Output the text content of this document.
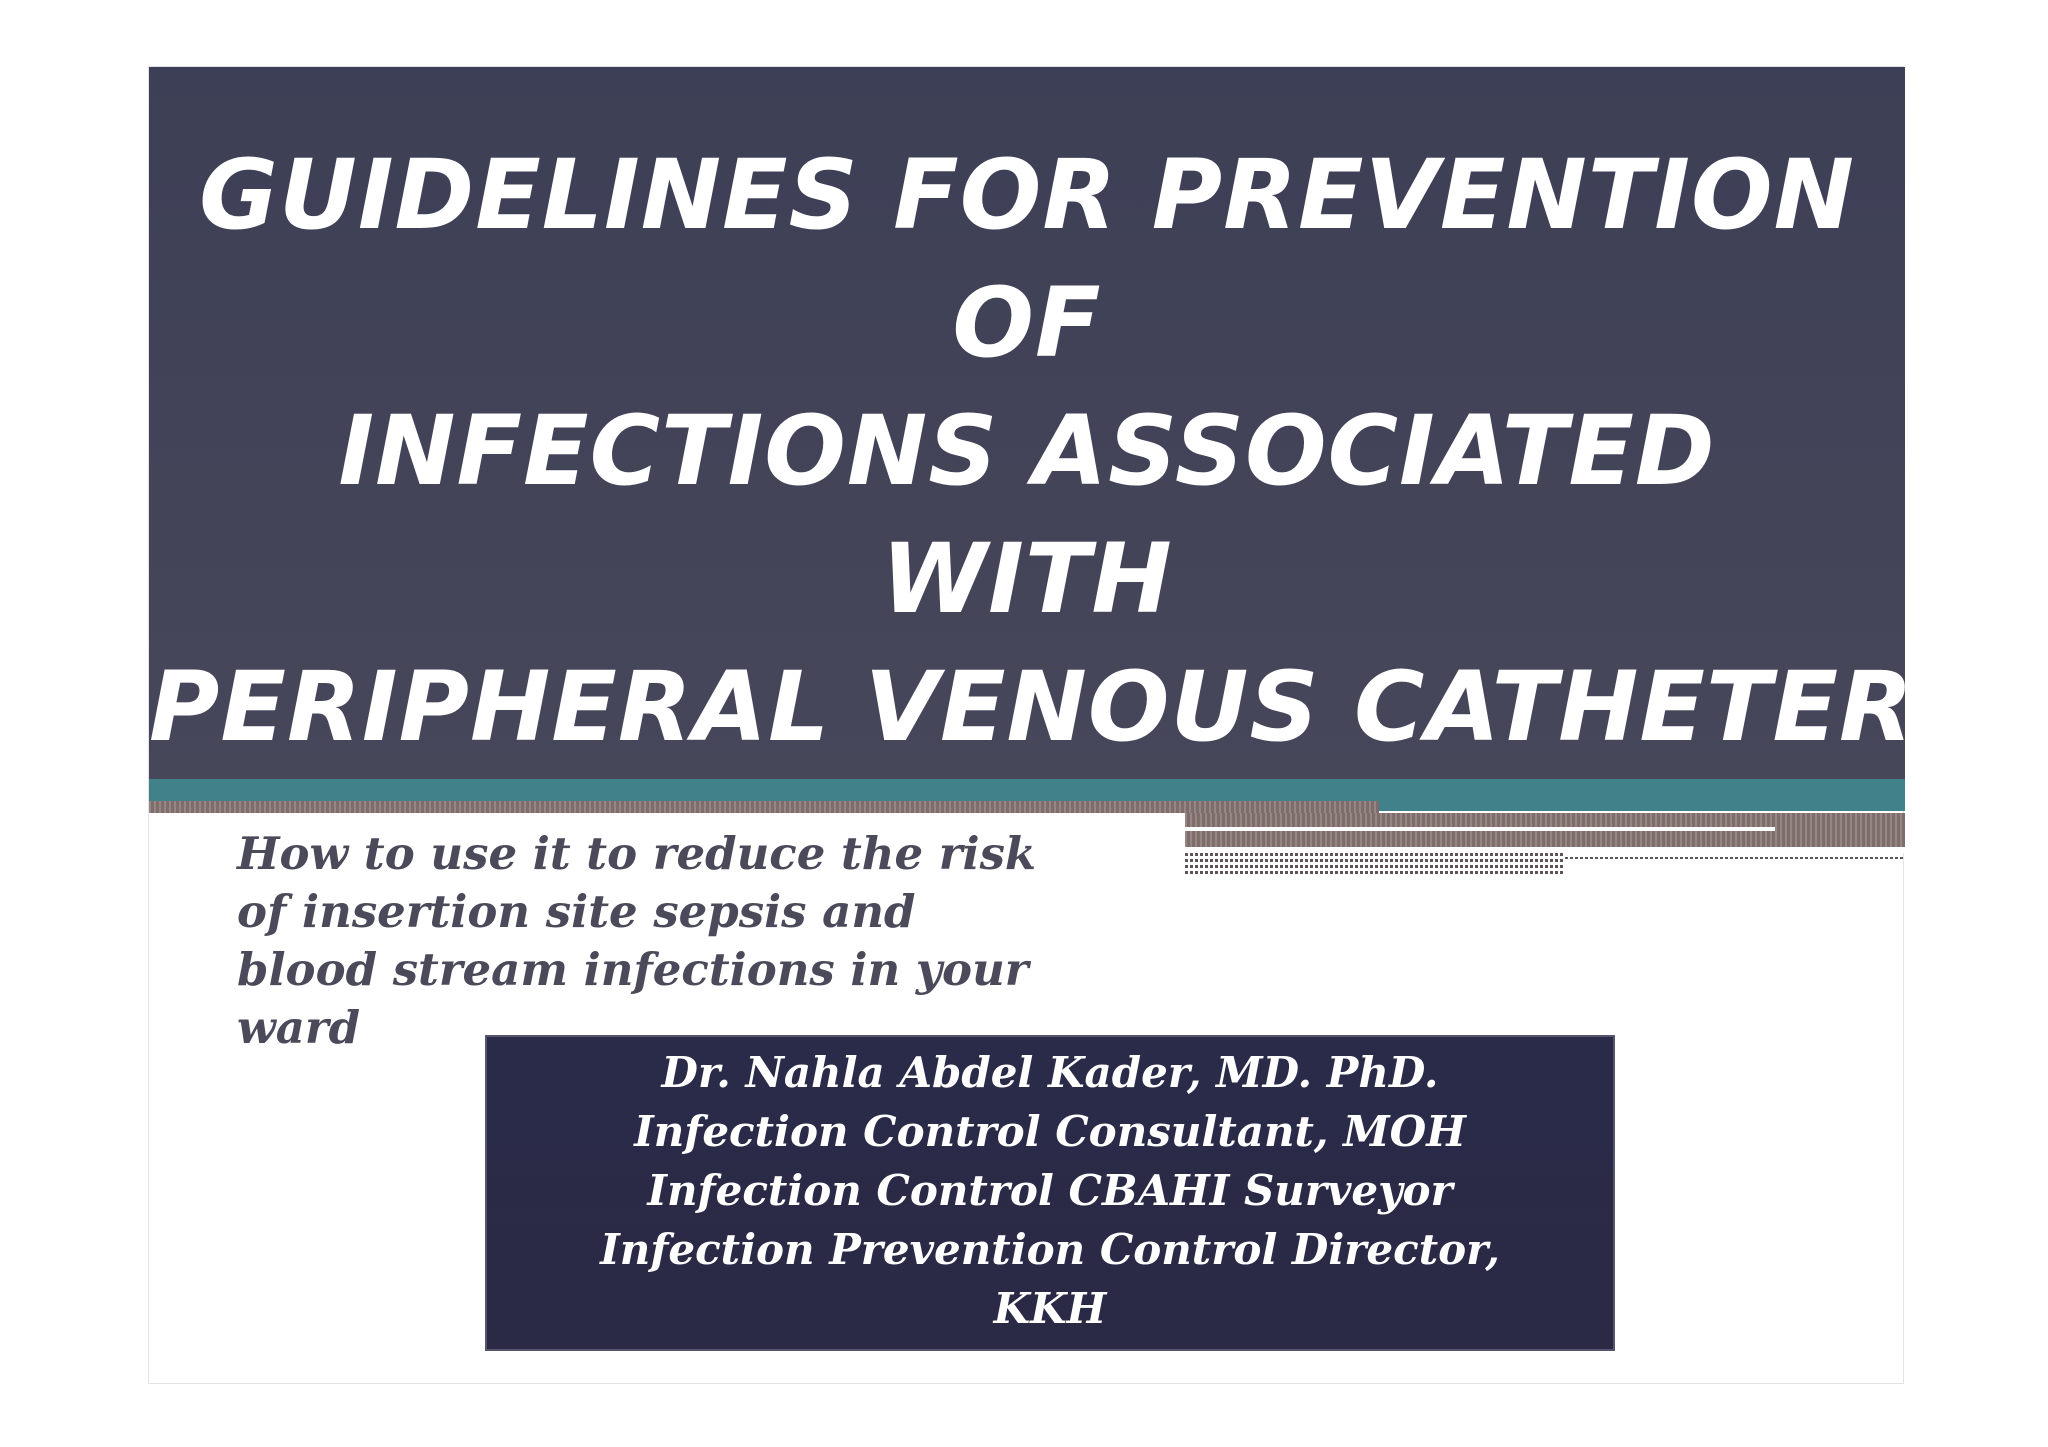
GUIDELINES FOR PREVENTION
OF
INFECTIONS ASSOCIATED
WITH
PERIPHERAL VENOUS CATHETERS

How to use it to reduce the risk
of insertion site sepsis and
blood stream infections in your
ward

Dr. Nahla Abdel Kader, MD. PhD.
Infection Control Consultant, MOH
Infection Control CBAHI Surveyor
Infection Prevention Control Director,
KKH
